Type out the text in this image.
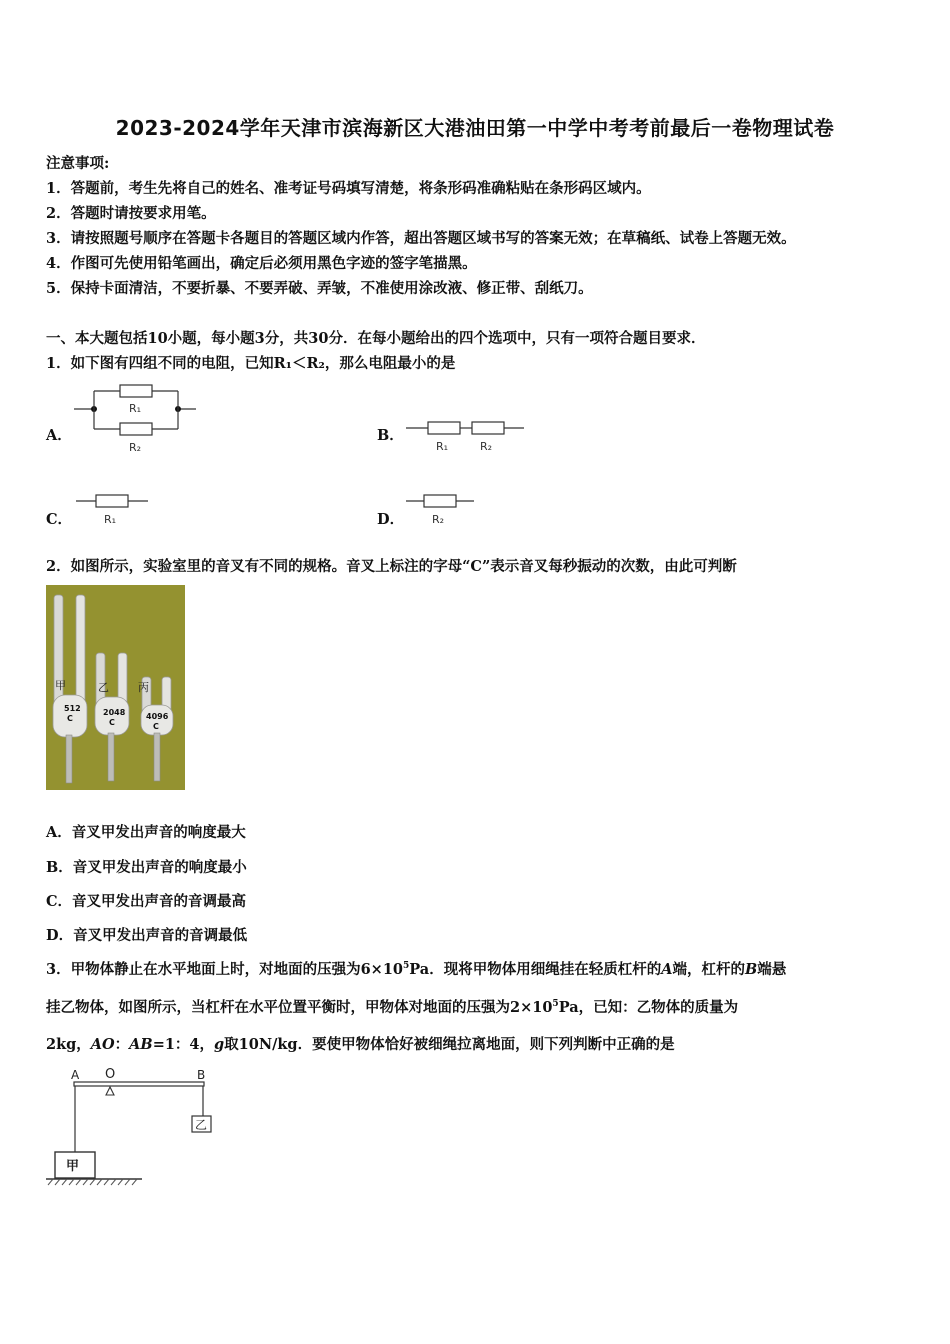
2023-2024学年天津市滨海新区大港油田第一中学中考考前最后一卷物理试卷
注意事项:
1．答题前，考生先将自己的姓名、准考证号码填写清楚，将条形码准确粘贴在条形码区域内。
2．答题时请按要求用笔。
3．请按照题号顺序在答题卡各题目的答题区域内作答，超出答题区域书写的答案无效；在草稿纸、试卷上答题无效。
4．作图可先使用铅笔画出，确定后必须用黑色字迹的签字笔描黑。
5．保持卡面清洁，不要折暴、不要弄破、弄皱，不准使用涂改液、修正带、刮纸刀。
一、本大题包括10小题，每小题3分，共30分．在每小题给出的四个选项中，只有一项符合题目要求．
1．如下图有四组不同的电阻，已知R₁＜R₂，那么电阻最小的是
A．
R₁
R₂
B．
R₁	R₂
C．	R₁	D．	R₂
2．如图所示，实验室里的音叉有不同的规格。音叉上标注的字母“C”表示音叉每秒振动的次数，由此可判断
甲	乙	丙
512
C
2048
C
4096
C
A．音叉甲发出声音的响度最大
B．音叉甲发出声音的响度最小
C．音叉甲发出声音的音调最高
D．音叉甲发出声音的音调最低
3．甲物体静止在水平地面上时，对地面的压强为$6\times 10^5Pa$．现将甲物体用细绳挂在轻质杠杆的A端，杠杆的B端悬
挂乙物体，如图所示，当杠杆在水平位置平衡时，甲物体对地面的压强为$2\times 10^5Pa$，已知：乙物体的质量为
2kg，AO：AB=1：4，g取10N/kg．要使甲物体恰好被细绳拉离地面，则下列判断中正确的是
A O	B
乙
甲
